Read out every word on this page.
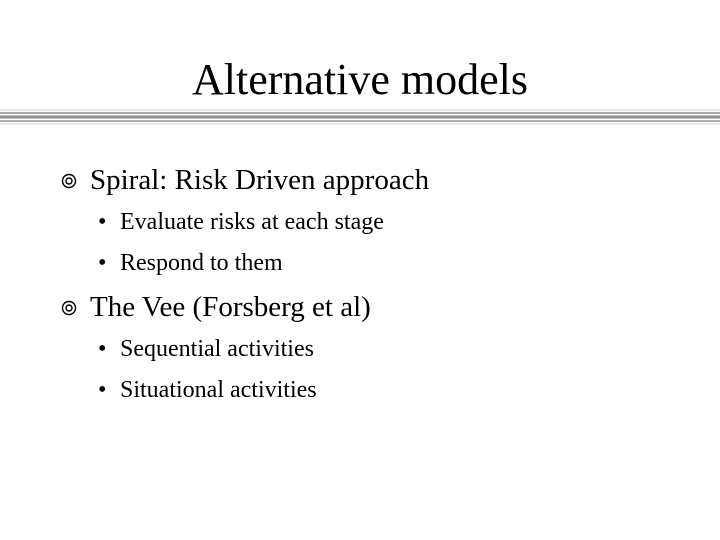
Alternative models
Spiral: Risk Driven approach
• Evaluate risks at each stage
• Respond to them
The Vee (Forsberg et al)
• Sequential activities
• Situational activities
